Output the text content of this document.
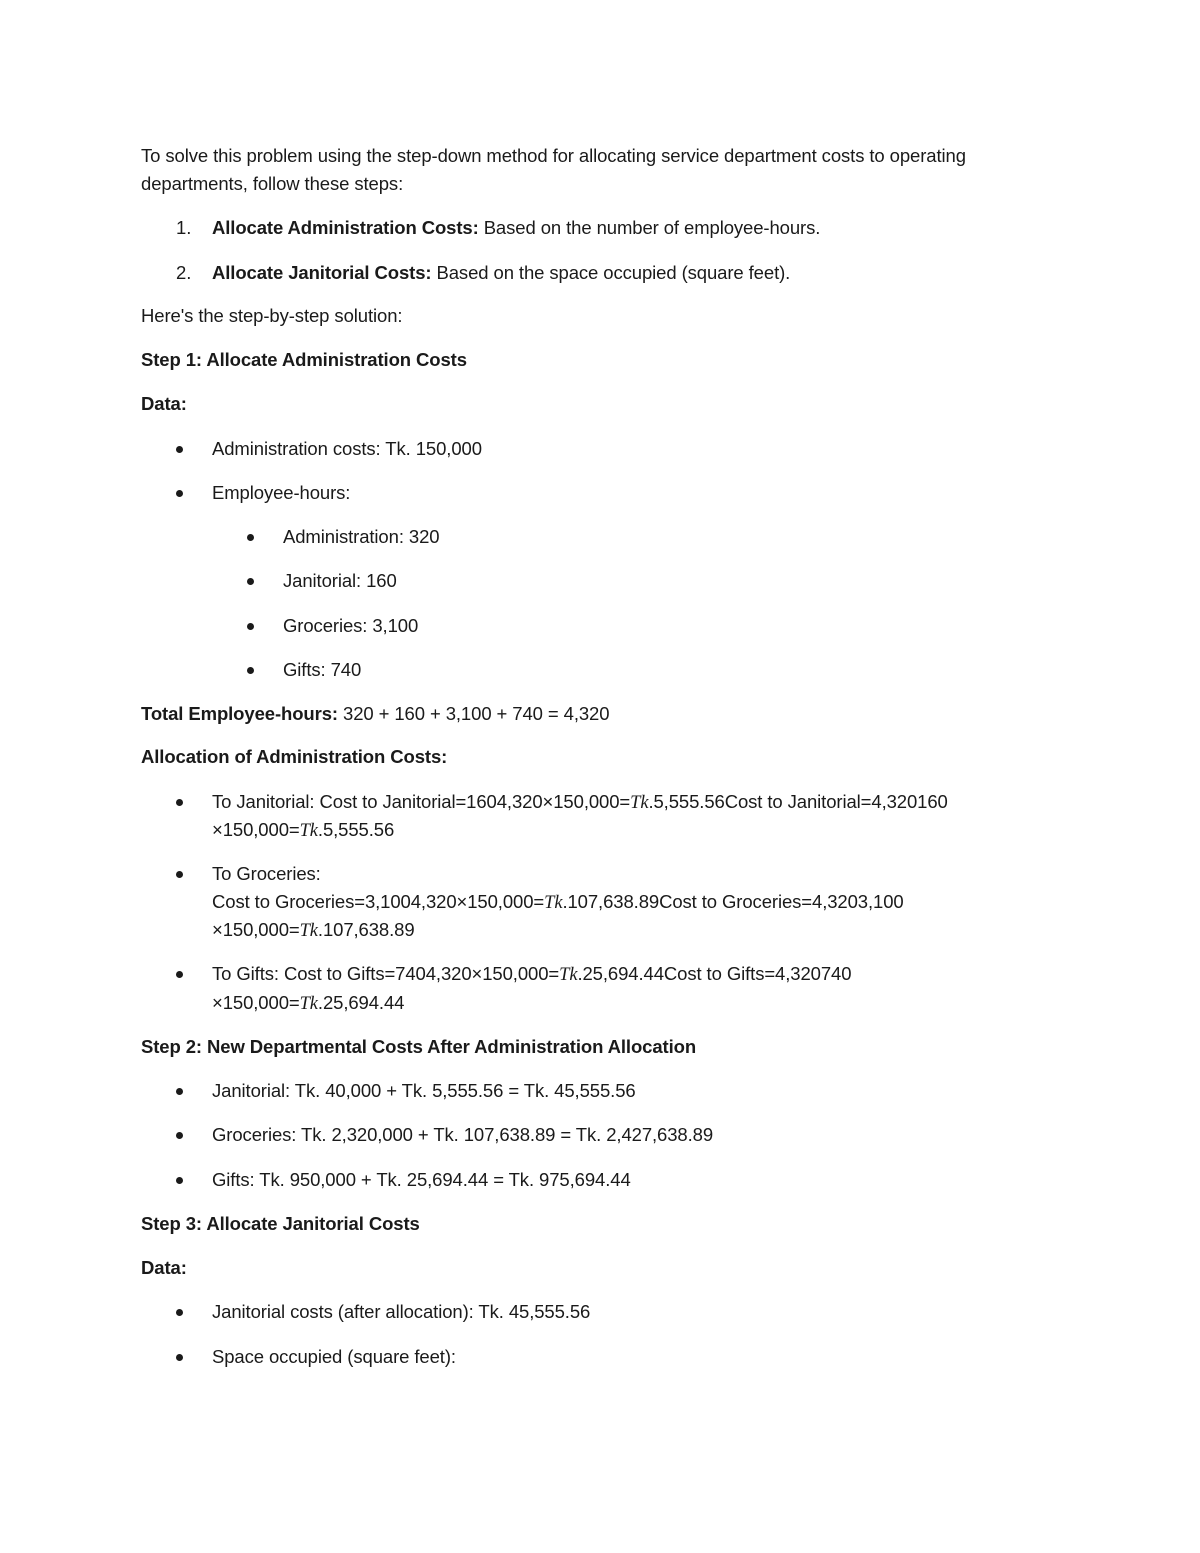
To solve this problem using the step-down method for allocating service department costs to operating
departments, follow these steps:
1. Allocate Administration Costs: Based on the number of employee-hours.
2. Allocate Janitorial Costs: Based on the space occupied (square feet).
Here's the step-by-step solution:
Step 1: Allocate Administration Costs
Data:
Administration costs: Tk. 150,000
Employee-hours:
Administration: 320
Janitorial: 160
Groceries: 3,100
Gifts: 740
Total Employee-hours: 320 + 160 + 3,100 + 740 = 4,320
Allocation of Administration Costs:
To Janitorial: Cost to Janitorial=1604,320×150,000=Tk.5,555.56Cost to Janitorial=4,320160
×150,000=Tk.5,555.56
To Groceries:
Cost to Groceries=3,1004,320×150,000=Tk.107,638.89Cost to Groceries=4,3203,100
×150,000=Tk.107,638.89
To Gifts: Cost to Gifts=7404,320×150,000=Tk.25,694.44Cost to Gifts=4,320740
×150,000=Tk.25,694.44
Step 2: New Departmental Costs After Administration Allocation
Janitorial: Tk. 40,000 + Tk. 5,555.56 = Tk. 45,555.56
Groceries: Tk. 2,320,000 + Tk. 107,638.89 = Tk. 2,427,638.89
Gifts: Tk. 950,000 + Tk. 25,694.44 = Tk. 975,694.44
Step 3: Allocate Janitorial Costs
Data:
Janitorial costs (after allocation): Tk. 45,555.56
Space occupied (square feet):
